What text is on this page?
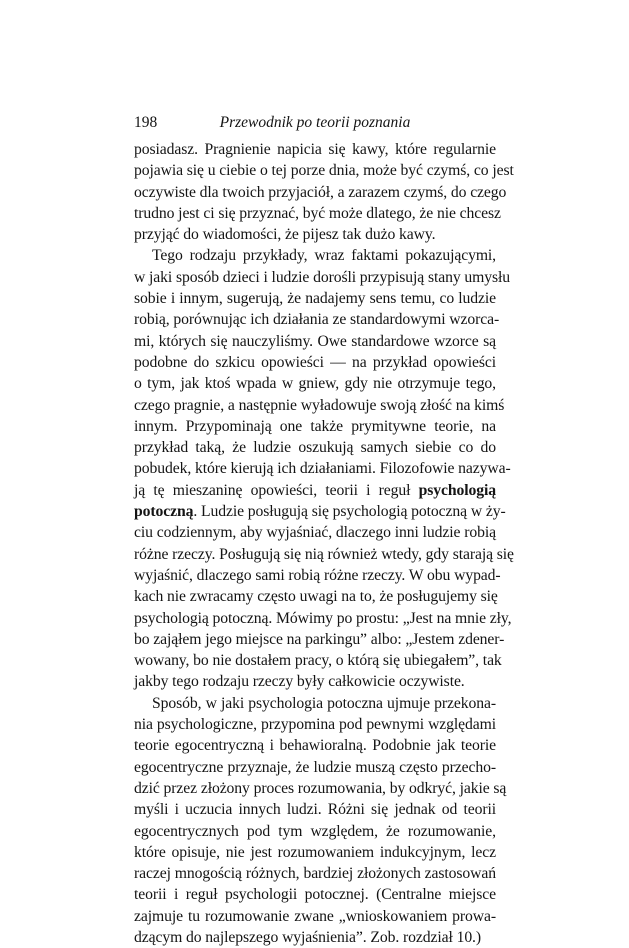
198	Przewodnik po teorii poznania
posiadasz. Pragnienie napicia się kawy, które regularnie
pojawia się u ciebie o tej porze dnia, może być czymś, co jest
oczywiste dla twoich przyjaciół, a zarazem czymś, do czego
trudno jest ci się przyznać, być może dlatego, że nie chcesz
przyjąć do wiadomości, że pijesz tak dużo kawy.
Tego rodzaju przykłady, wraz faktami pokazującymi,
w jaki sposób dzieci i ludzie dorośli przypisują stany umysłu
sobie i innym, sugerują, że nadajemy sens temu, co ludzie
robią, porównując ich działania ze standardowymi wzorca-
mi, których się nauczyliśmy. Owe standardowe wzorce są
podobne do szkicu opowieści — na przykład opowieści
o tym, jak ktoś wpada w gniew, gdy nie otrzymuje tego,
czego pragnie, a następnie wyładowuje swoją złość na kimś
innym. Przypominają one także prymitywne teorie, na
przykład taką, że ludzie oszukują samych siebie co do
pobudek, które kierują ich działaniami. Filozofowie nazywa-
ją tę mieszaninę opowieści, teorii i reguł psychologią
potoczną. Ludzie posługują się psychologią potoczną w ży-
ciu codziennym, aby wyjaśniać, dlaczego inni ludzie robią
różne rzeczy. Posługują się nią również wtedy, gdy starają się
wyjaśnić, dlaczego sami robią różne rzeczy. W obu wypad-
kach nie zwracamy często uwagi na to, że posługujemy się
psychologią potoczną. Mówimy po prostu: „Jest na mnie zły,
bo zająłem jego miejsce na parkingu” albo: „Jestem zdener-
wowany, bo nie dostałem pracy, o którą się ubiegałem”, tak
jakby tego rodzaju rzeczy były całkowicie oczywiste.
Sposób, w jaki psychologia potoczna ujmuje przekona-
nia psychologiczne, przypomina pod pewnymi względami
teorie egocentryczną i behawioralną. Podobnie jak teorie
egocentryczne przyznaje, że ludzie muszą często przecho-
dzić przez złożony proces rozumowania, by odkryć, jakie są
myśli i uczucia innych ludzi. Różni się jednak od teorii
egocentrycznych pod tym względem, że rozumowanie,
które opisuje, nie jest rozumowaniem indukcyjnym, lecz
raczej mnogością różnych, bardziej złożonych zastosowań
teorii i reguł psychologii potocznej. (Centralne miejsce
zajmuje tu rozumowanie zwane „wnioskowaniem prowa-
dzącym do najlepszego wyjaśnienia”. Zob. rozdział 10.)
